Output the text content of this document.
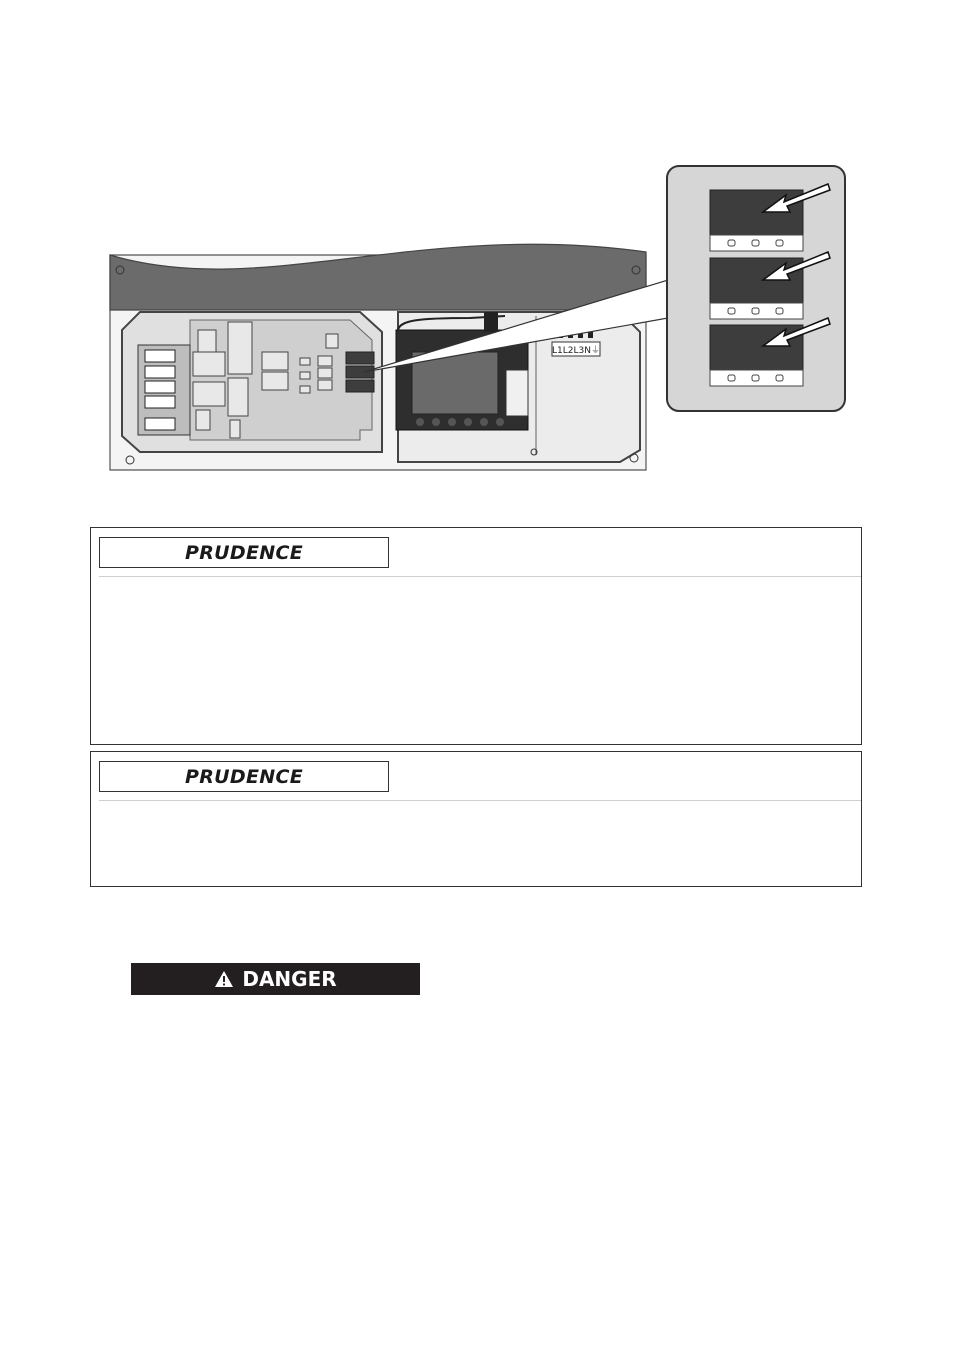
L1L2L3N⏚
PRUDENCE
PRUDENCE
DANGER
